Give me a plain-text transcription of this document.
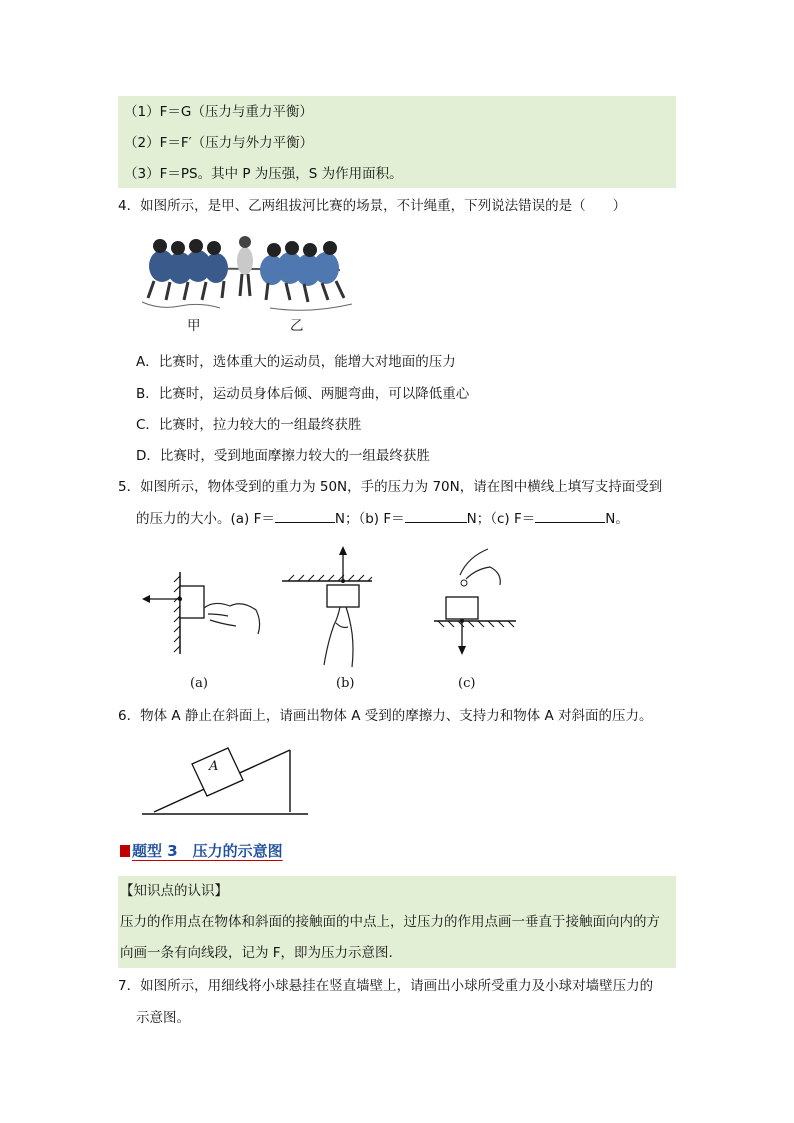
（1）F＝G（压力与重力平衡）
（2）F＝F′（压力与外力平衡）
（3）F＝PS。其中 P 为压强，S 为作用面积。
4．如图所示，是甲、乙两组拔河比赛的场景，不计绳重，下列说法错误的是（　　）
甲	乙
A．比赛时，选体重大的运动员，能增大对地面的压力
B．比赛时，运动员身体后倾、两腿弯曲，可以降低重心
C．比赛时，拉力较大的一组最终获胜
D．比赛时，受到地面摩擦力较大的一组最终获胜
5．如图所示，物体受到的重力为 50N，手的压力为 70N，请在图中横线上填写支持面受到
的压力的大小。(a) F＝	N；（b) F＝	N；（c) F＝	N。
(a)	(b)	(c)
6．物体 A 静止在斜面上，请画出物体 A 受到的摩擦力、支持力和物体 A 对斜面的压力。
A
题型 3　压力的示意图
【知识点的认识】
压力的作用点在物体和斜面的接触面的中点上，过压力的作用点画一垂直于接触面向内的方
向画一条有向线段，记为 F，即为压力示意图.
7．如图所示，用细线将小球悬挂在竖直墙壁上，请画出小球所受重力及小球对墙壁压力的
示意图。
